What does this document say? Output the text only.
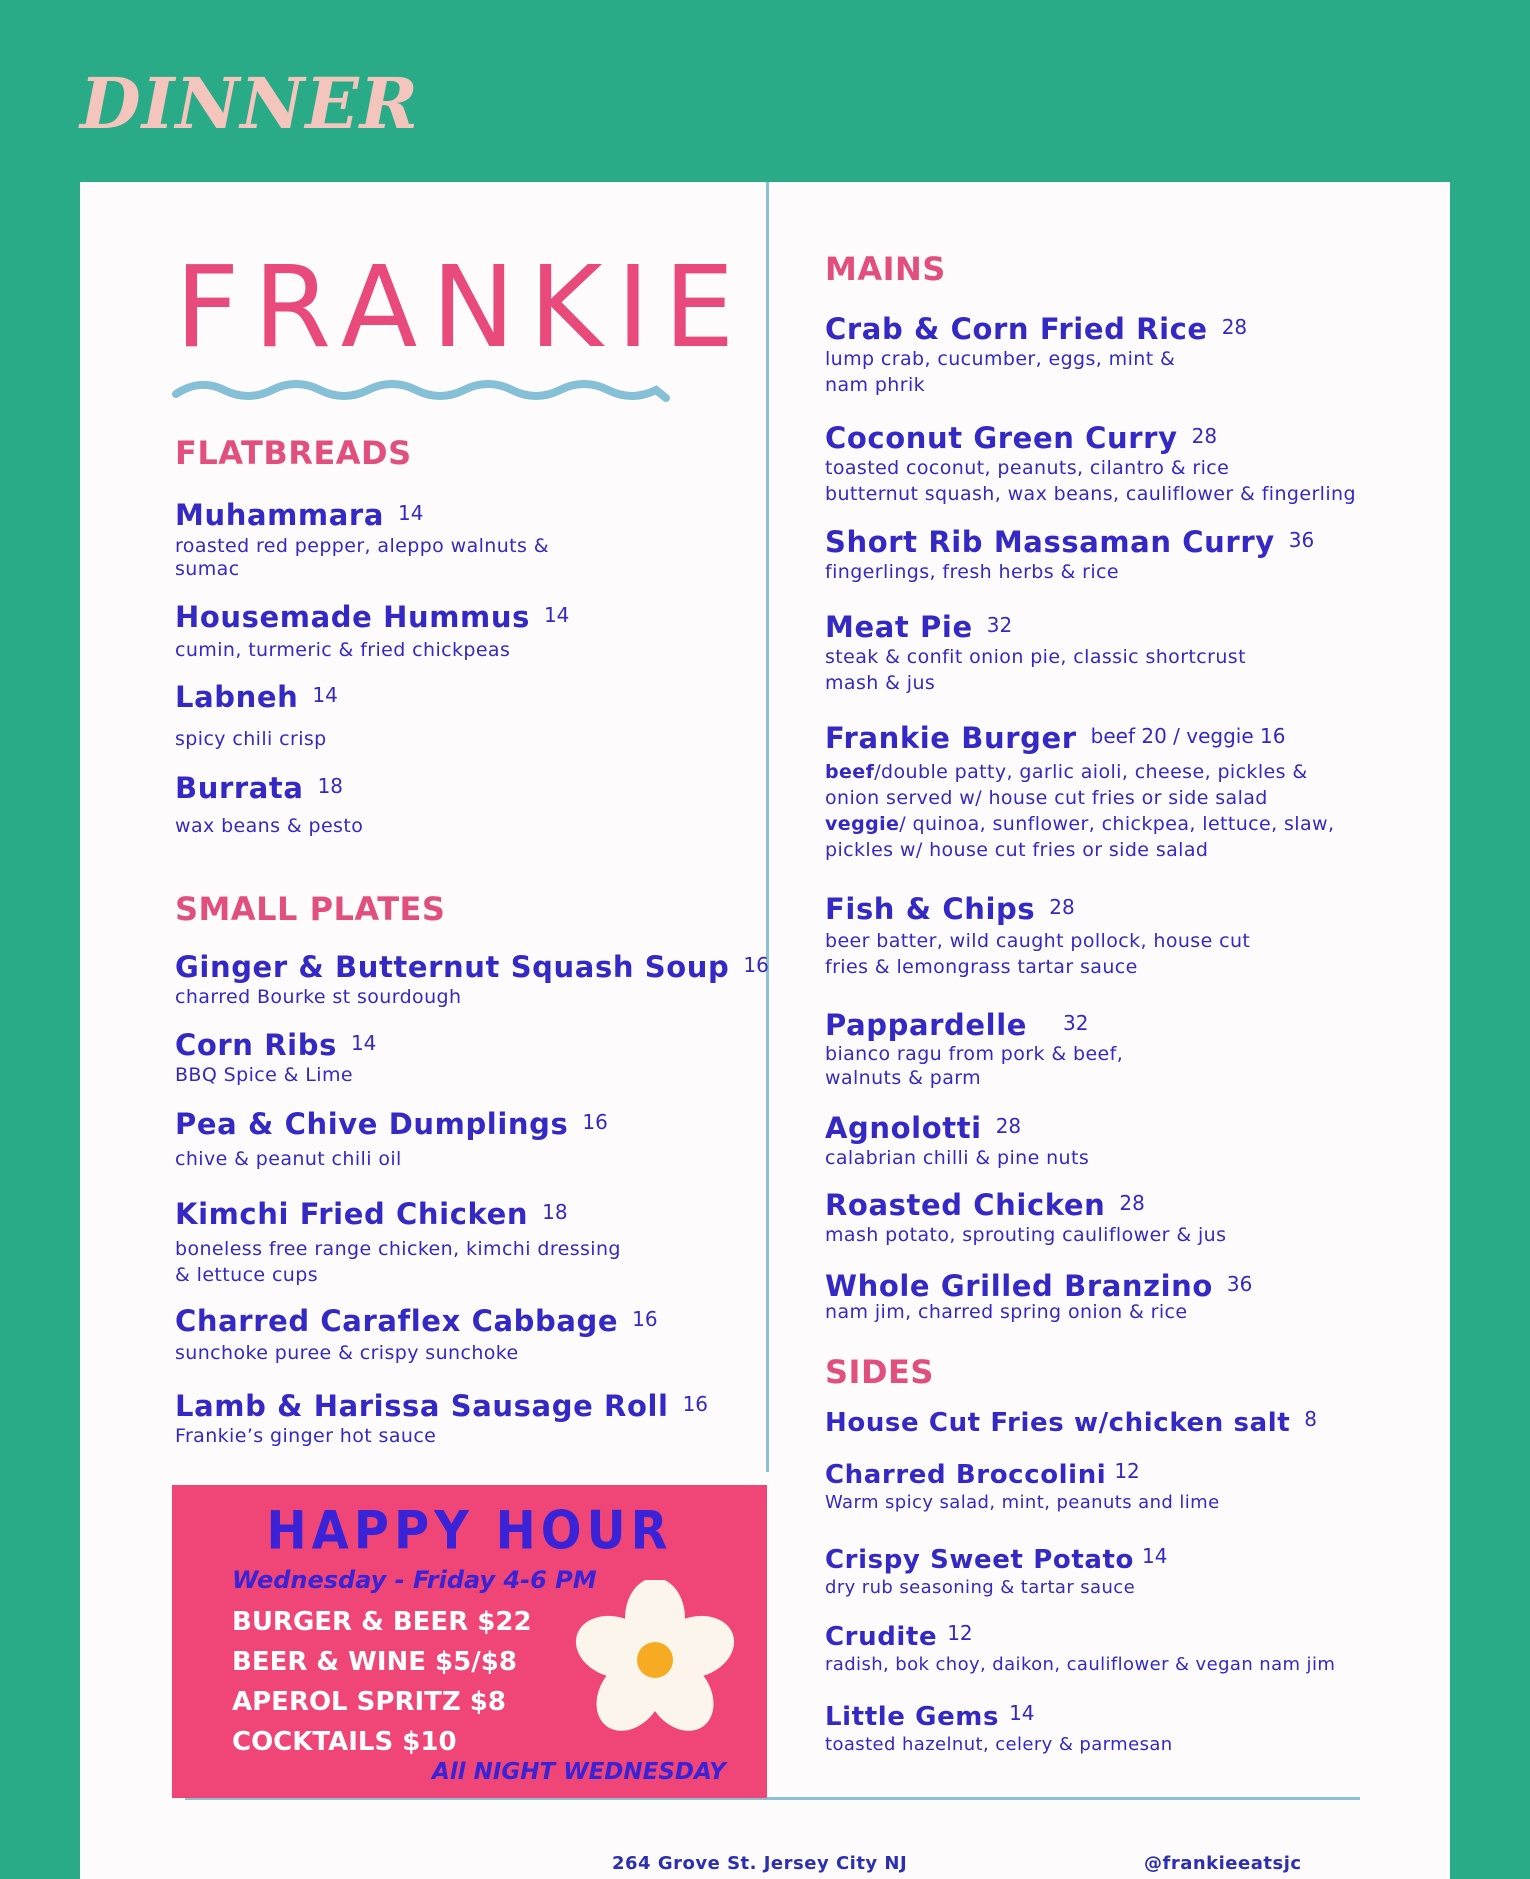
DINNER
FRANKIE
FLATBREADS
Muhammara 14
roasted red pepper, aleppo walnuts &
sumac
Housemade Hummus 14
cumin, turmeric & fried chickpeas
Labneh 14
spicy chili crisp
Burrata 18
wax beans & pesto
SMALL PLATES
Ginger & Butternut Squash Soup 16
charred Bourke st sourdough
Corn Ribs 14
BBQ Spice & Lime
Pea & Chive Dumplings 16
chive & peanut chili oil
Kimchi Fried Chicken 18
boneless free range chicken, kimchi dressing
& lettuce cups
Charred Caraflex Cabbage 16
sunchoke puree & crispy sunchoke
Lamb & Harissa Sausage Roll 16
Frankie’s ginger hot sauce
HAPPY HOUR
Wednesday - Friday 4-6 PM
BURGER & BEER $22
BEER & WINE $5/$8
APEROL SPRITZ $8
COCKTAILS $10
All NIGHT WEDNESDAY
MAINS
Crab & Corn Fried Rice 28
lump crab, cucumber, eggs, mint &
nam phrik
Coconut Green Curry 28
toasted coconut, peanuts, cilantro & rice
butternut squash, wax beans, cauliflower & fingerling
Short Rib Massaman Curry 36
fingerlings, fresh herbs & rice
Meat Pie 32
steak & confit onion pie, classic shortcrust
mash & jus
Frankie Burger beef 20 / veggie 16
beef/double patty, garlic aioli, cheese, pickles &
onion served w/ house cut fries or side salad
veggie/ quinoa, sunflower, chickpea, lettuce, slaw,
pickles w/ house cut fries or side salad
Fish & Chips 28
beer batter, wild caught pollock, house cut
fries & lemongrass tartar sauce
Pappardelle 32
bianco ragu from pork & beef,
walnuts & parm
Agnolotti 28
calabrian chilli & pine nuts
Roasted Chicken 28
mash potato, sprouting cauliflower & jus
Whole Grilled Branzino 36
nam jim, charred spring onion & rice
SIDES
House Cut Fries w/chicken salt 8
Charred Broccolini 12
Warm spicy salad, mint, peanuts and lime
Crispy Sweet Potato 14
dry rub seasoning & tartar sauce
Crudite 12
radish, bok choy, daikon, cauliflower & vegan nam jim
Little Gems 14
toasted hazelnut, celery & parmesan
264 Grove St. Jersey City NJ	@frankieeatsjc
